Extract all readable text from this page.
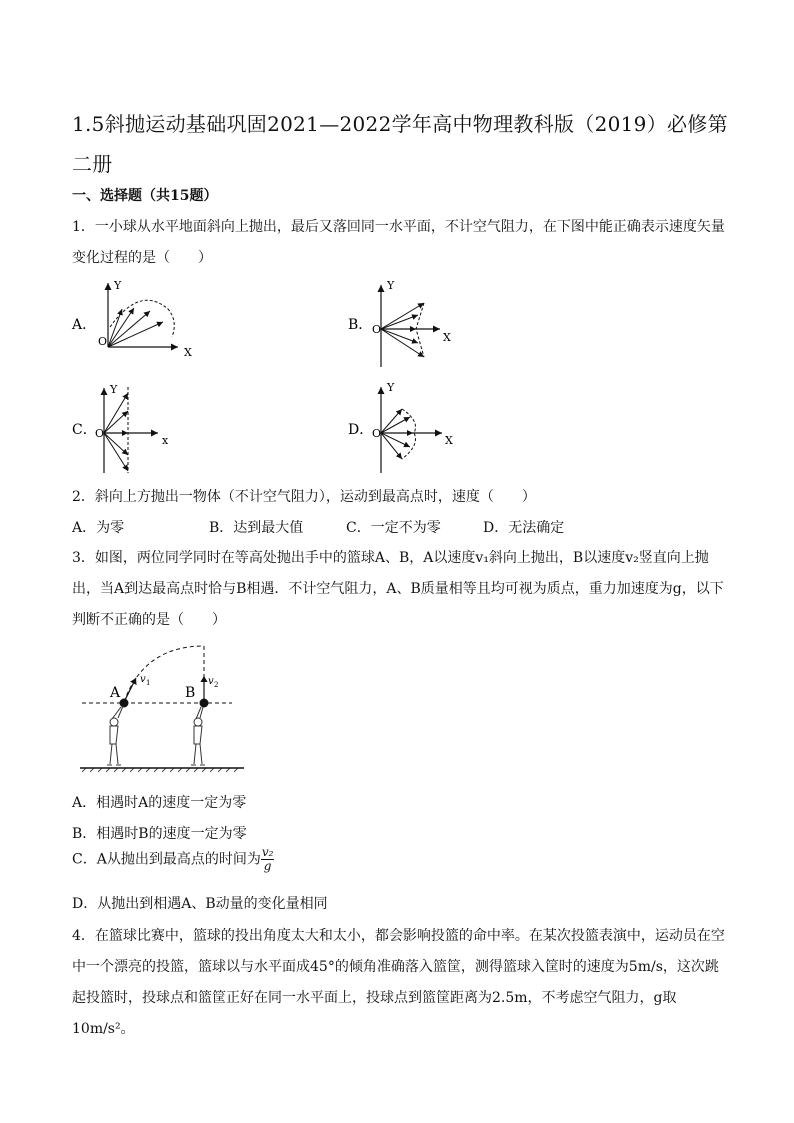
1.5斜抛运动基础巩固2021—2022学年高中物理教科版（2019）必修第二册
一、选择题（共15题）
1．一小球从水平地面斜向上抛出，最后又落回同一水平面，不计空气阻力，在下图中能正确表示速度矢量变化过程的是（　　）
A．
O
X
Y
B． O
X
Y
C．
O
x
Y
D．
O
X
Y
2．斜向上方抛出一物体（不计空气阻力），运动到最高点时，速度（　　）
A．为零	B．达到最大值	C．一定不为零	D．无法确定
3．如图，两位同学同时在等高处抛出手中的篮球A、B，A以速度v₁斜向上抛出，B以速度v₂竖直向上抛出，当A到达最高点时恰与B相遇．不计空气阻力，A、B质量相等且均可视为质点，重力加速度为g，以下判断不正确的是（　　）
A	B
v 1	v 2
A．相遇时A的速度一定为零
B．相遇时B的速度一定为零
C．A从抛出到最高点的时间为 $\frac{\text{v₂}}{g}$
D．从抛出到相遇A、B动量的变化量相同
4．在篮球比赛中，篮球的投出角度太大和太小，都会影响投篮的命中率。在某次投篮表演中，运动员在空中一个漂亮的投篮，篮球以与水平面成45°的倾角准确落入篮筐，测得篮球入筐时的速度为5m/s，这次跳起投篮时，投球点和篮筐正好在同一水平面上，投球点到篮筐距离为2.5m，不考虑空气阻力，g取10m/s²。
